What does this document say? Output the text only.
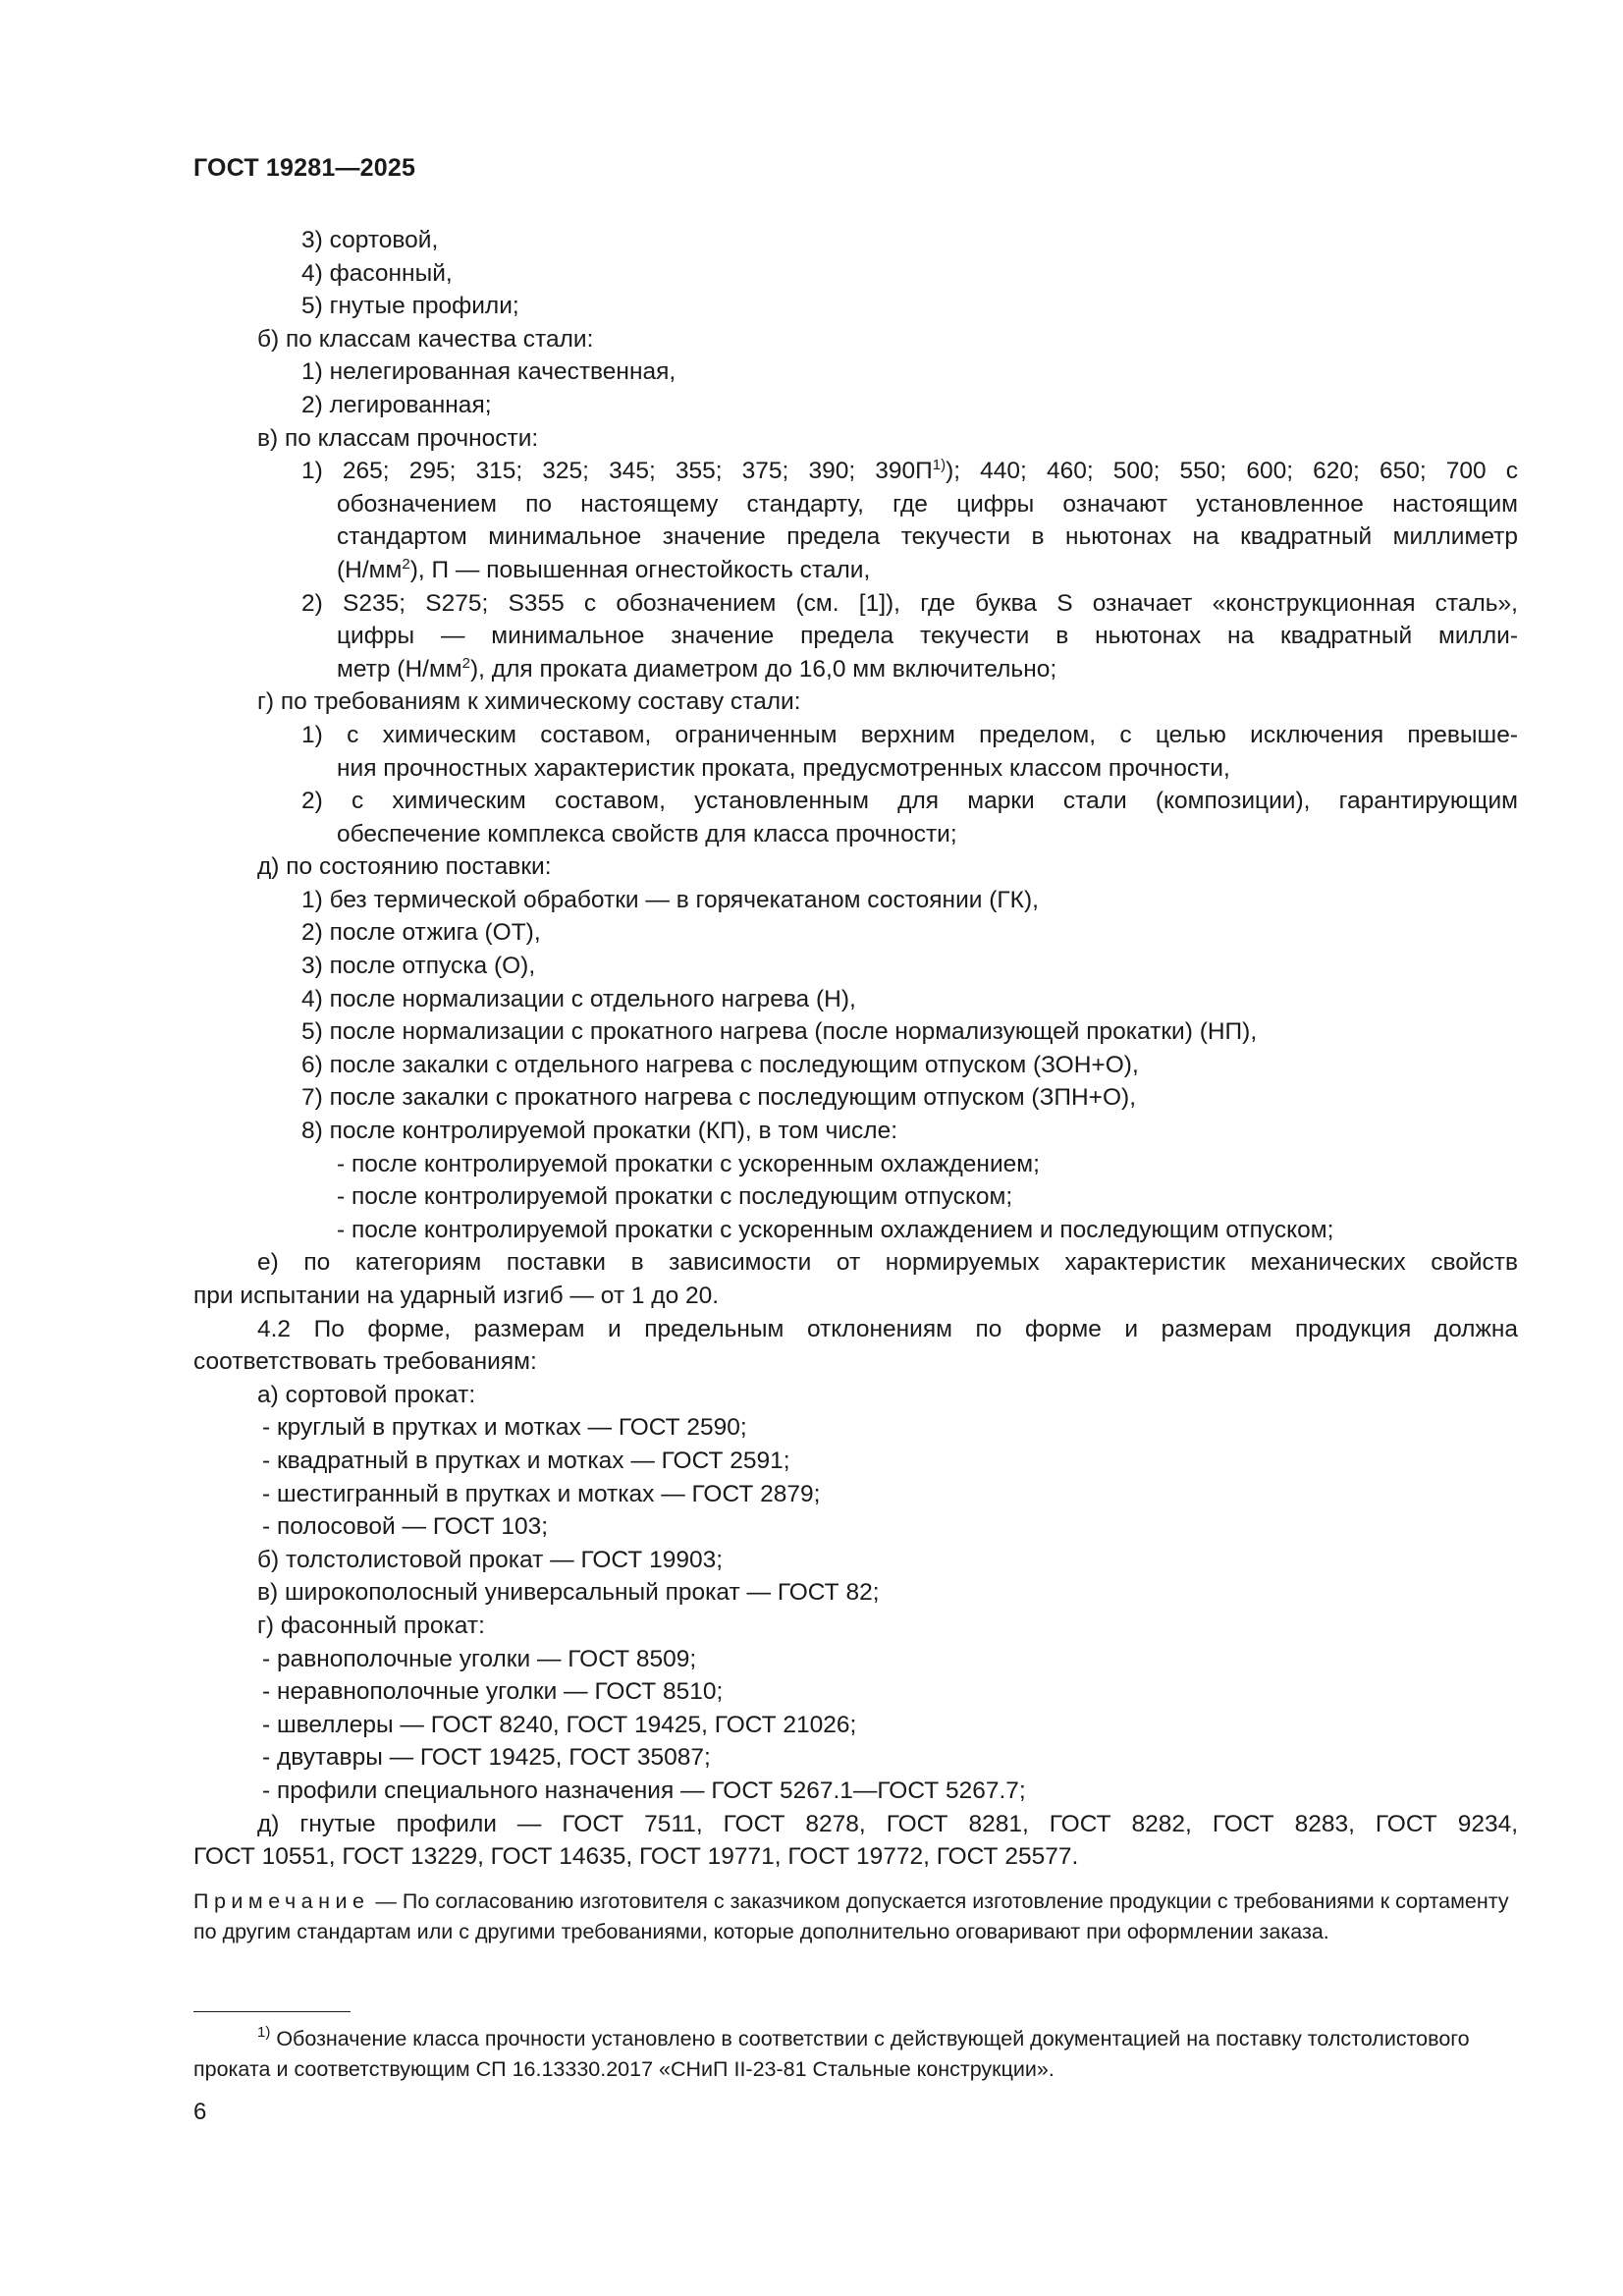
ГОСТ 19281—2025
3) сортовой,
4) фасонный,
5) гнутые профили;
б) по классам качества стали:
1) нелегированная качественная,
2) легированная;
в) по классам прочности:
1) 265; 295; 315; 325; 345; 355; 375; 390; $390П^{1)}$); 440; 460; 500; 550; 600; 620; 650; 700 с
обозначением по настоящему стандарту, где цифры означают установленное настоящим
стандартом минимальное значение предела текучести в ньютонах на квадратный миллиметр
$(Н/мм^2)$, П — повышенная огнестойкость стали,
2) S235; S275; S355 с обозначением (см. [1]), где буква S означает «конструкционная сталь»,
цифры — минимальное значение предела текучести в ньютонах на квадратный милли-
метр $(Н/мм^2)$, для проката диаметром до 16,0 мм включительно;
г) по требованиям к химическому составу стали:
1) с химическим составом, ограниченным верхним пределом, с целью исключения превыше-
ния прочностных характеристик проката, предусмотренных классом прочности,
2) с химическим составом, установленным для марки стали (композиции), гарантирующим
обеспечение комплекса свойств для класса прочности;
д) по состоянию поставки:
1) без термической обработки — в горячекатаном состоянии (ГК),
2) после отжига (ОТ),
3) после отпуска (О),
4) после нормализации с отдельного нагрева (Н),
5) после нормализации с прокатного нагрева (после нормализующей прокатки) (НП),
6) после закалки с отдельного нагрева с последующим отпуском (ЗОН+О),
7) после закалки с прокатного нагрева с последующим отпуском (ЗПН+О),
8) после контролируемой прокатки (КП), в том числе:
- после контролируемой прокатки с ускоренным охлаждением;
- после контролируемой прокатки с последующим отпуском;
- после контролируемой прокатки с ускоренным охлаждением и последующим отпуском;
е) по категориям поставки в зависимости от нормируемых характеристик механических свойств
при испытании на ударный изгиб — от 1 до 20.
4.2 По форме, размерам и предельным отклонениям по форме и размерам продукция должна
соответствовать требованиям:
а) сортовой прокат:
- круглый в прутках и мотках — ГОСТ 2590;
- квадратный в прутках и мотках — ГОСТ 2591;
- шестигранный в прутках и мотках — ГОСТ 2879;
- полосовой — ГОСТ 103;
б) толстолистовой прокат — ГОСТ 19903;
в) широкополосный универсальный прокат — ГОСТ 82;
г) фасонный прокат:
- равнополочные уголки — ГОСТ 8509;
- неравнополочные уголки — ГОСТ 8510;
- швеллеры — ГОСТ 8240, ГОСТ 19425, ГОСТ 21026;
- двутавры — ГОСТ 19425, ГОСТ 35087;
- профили специального назначения — ГОСТ 5267.1—ГОСТ 5267.7;
д) гнутые профили — ГОСТ 7511, ГОСТ 8278, ГОСТ 8281, ГОСТ 8282, ГОСТ 8283, ГОСТ 9234,
ГОСТ 10551, ГОСТ 13229, ГОСТ 14635, ГОСТ 19771, ГОСТ 19772, ГОСТ 25577.
Примечание — По согласованию изготовителя с заказчиком допускается изготовление продукции с требованиями к сортаменту по другим стандартам или с другими требованиями, которые дополнительно оговаривают при оформлении заказа.
$^{1)}$ Обозначение класса прочности установлено в соответствии с действующей документацией на поставку толстолистового проката и соответствующим СП 16.13330.2017 «СНиП II-23-81 Стальные конструкции».
6
